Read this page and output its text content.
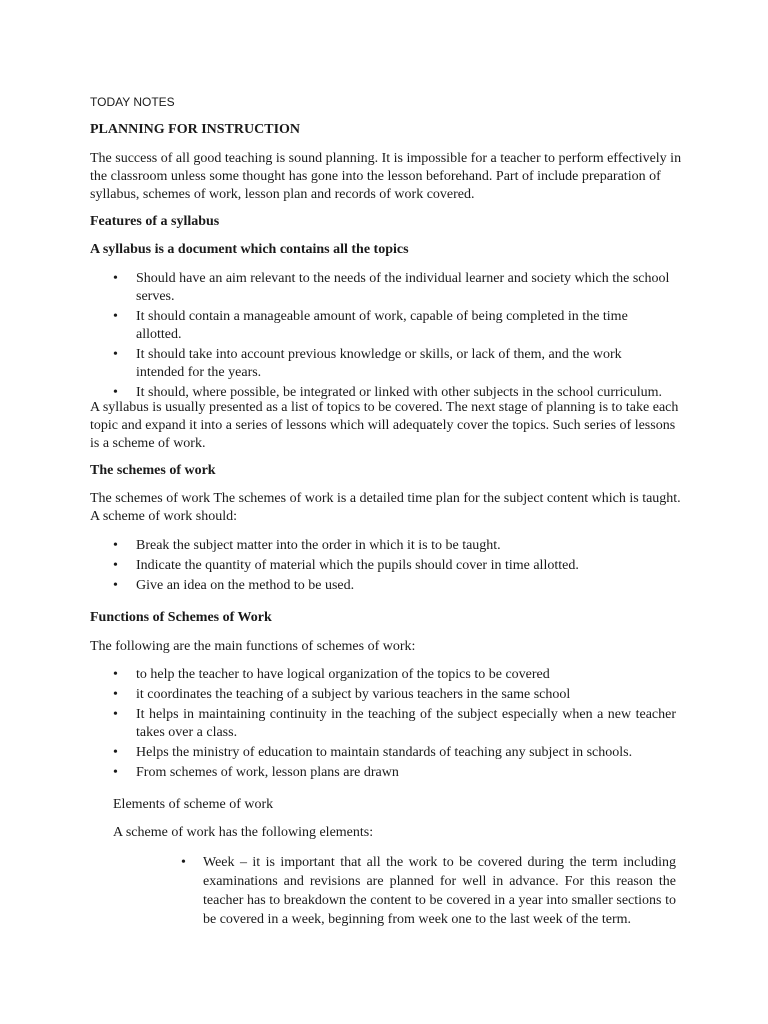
TODAY NOTES
PLANNING FOR INSTRUCTION

The success of all good teaching is sound planning. It is impossible for a teacher to perform effectively in the classroom unless some thought has gone into the lesson beforehand. Part of include preparation of syllabus, schemes of work, lesson plan and records of work covered.

Features of a syllabus
A syllabus is a document which contains all the topics
• Should have an aim relevant to the needs of the individual learner and society which the school serves.
• It should contain a manageable amount of work, capable of being completed in the time allotted.
• It should take into account previous knowledge or skills, or lack of them, and the work intended for the years.
• It should, where possible, be integrated or linked with other subjects in the school curriculum.

A syllabus is usually presented as a list of topics to be covered. The next stage of planning is to take each topic and expand it into a series of lessons which will adequately cover the topics. Such series of lessons is a scheme of work.

The schemes of work

The schemes of work The schemes of work is a detailed time plan for the subject content which is taught. A scheme of work should:

• Break the subject matter into the order in which it is to be taught.
• Indicate the quantity of material which the pupils should cover in time allotted.
• Give an idea on the method to be used.
Functions of Schemes of Work
The following are the main functions of schemes of work:
• to help the teacher to have logical organization of the topics to be covered
• it coordinates the teaching of a subject by various teachers in the same school
• It helps in maintaining continuity in the teaching of the subject especially when a new teacher takes over a class.
• Helps the ministry of education to maintain standards of teaching any subject in schools.
• From schemes of work, lesson plans are drawn
Elements of scheme of work
A scheme of work has the following elements:
• Week – it is important that all the work to be covered during the term including examinations and revisions are planned for well in advance. For this reason the teacher has to breakdown the content to be covered in a year into smaller sections to be covered in a week, beginning from week one to the last week of the term.
